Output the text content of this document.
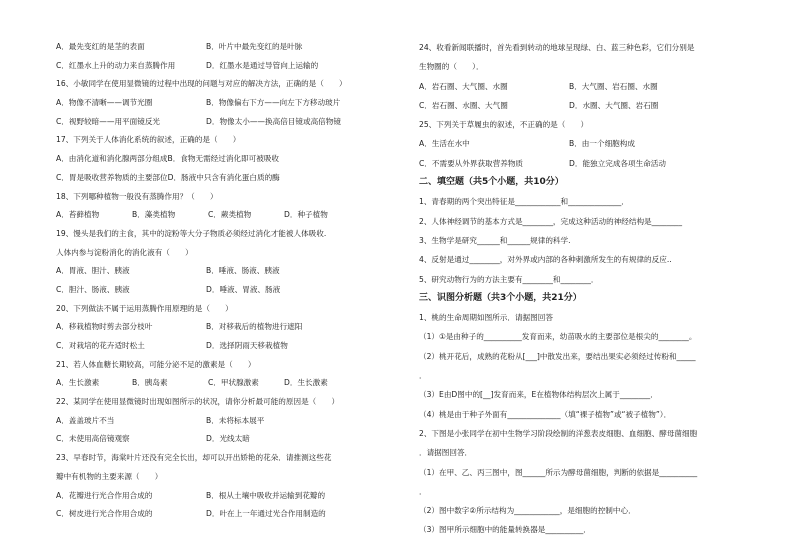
A．最先变红的是茎的表面	B．叶片中最先变红的是叶脉
C．红墨水上升的动力来自蒸腾作用	D．红墨水是通过导管向上运输的
16、小敏同学在使用显微镜的过程中出现的问题与对应的解决方法，正确的是（　　）
A．物像不清晰——调节光圈	B．物像偏右下方——向左下方移动玻片
C．视野较暗——用平面镜反光	D．物像太小——换高倍目镜或高倍物镜
17、下列关于人体消化系统的叙述，正确的是（　　）
A．由消化道和消化腺两部分组成B．食物无需经过消化即可被吸收
C．胃是吸收营养物质的主要部位D．肠液中只含有消化蛋白质的酶
18、下列哪种植物一般没有蒸腾作用？（　　）
A．苔藓植物	B．藻类植物	C．蕨类植物	D．种子植物
19、馒头是我们的主食，其中的淀粉等大分子物质必须经过消化才能被人体吸收.
人体内参与淀粉消化的消化液有（　　）
A．胃液、胆汁、胰液	B．唾液、肠液、胰液
C．胆汁、肠液、胰液	D．唾液、胃液、肠液
20、下列做法不属于运用蒸腾作用原理的是（　　）
A．移栽植物时剪去部分枝叶	B．对移栽后的植物进行遮阳
C．对栽培的花卉适时松土	D．选择阴雨天移栽植物
21、若人体血糖长期较高，可能分泌不足的激素是（　　）
A．生长激素	B．胰岛素	C．甲状腺激素	D．生长激素
22、某同学在使用显微镜时出现如图所示的状况，请你分析最可能的原因是（　　）
A．盖盖玻片不当	B．未将标本展平
C．未使用高倍镜观察	D．光线太暗
23、早春时节，海棠叶片还没有完全长出，却可以开出娇艳的花朵．请推测这些花
瓣中有机物的主要来源（　　）
A．花瓣进行光合作用合成的	B．根从土壤中吸收并运输到花瓣的
C．树皮进行光合作用合成的	D．叶在上一年通过光合作用制造的
24、收看新闻联播时，首先看到转动的地球呈现绿、白、蓝三种色彩，它们分别是
生物圈的（　　）．
A．岩石圈、大气圈、水圈	B．大气圈、岩石圈、水圈
C．岩石圈、水圈、大气圈	D．水圈、大气圈、岩石圈
25、下列关于草履虫的叙述，不正确的是（　　）
A．生活在水中	B．由一个细胞构成
C．不需要从外界获取营养物质	D．能独立完成各项生命活动
二、填空题（共5个小题，共10分）
1、青春期的两个突出特征是____________和______________．
2、人体神经调节的基本方式是________，完成这种活动的神经结构是________
3、生物学是研究______和______规律的科学.
4、反射是通过________，对外界或内部的各种刺激所发生的有规律的反应..
5、研究动物行为的方法主要有________和________．
三、识图分析题（共3个小题，共21分）
1、桃的生命周期如图所示．请据图回答
（1）①是由种子的__________发育而来，幼苗吸水的主要部位是根尖的________。
（2）桃开花后，成熟的花粉从[___]中散发出来，要结出果实必须经过传粉和_____
．
（3）E由D图中的[__]发育而来，E在植物体结构层次上属于________．
（4）桃是由于种子外面有______________（填“裸子植物”或“被子植物”）．
2、下图是小张同学在初中生物学习阶段绘制的洋葱表皮细胞、血细胞、酵母菌细胞
．请据图回答．
（1）在甲、乙、丙三图中，图______所示为酵母菌细胞，判断的依据是__________
．
（2）图中数字②所示结构为____________，是细胞的控制中心．
（3）图甲所示细胞中的能量转换器是__________．
